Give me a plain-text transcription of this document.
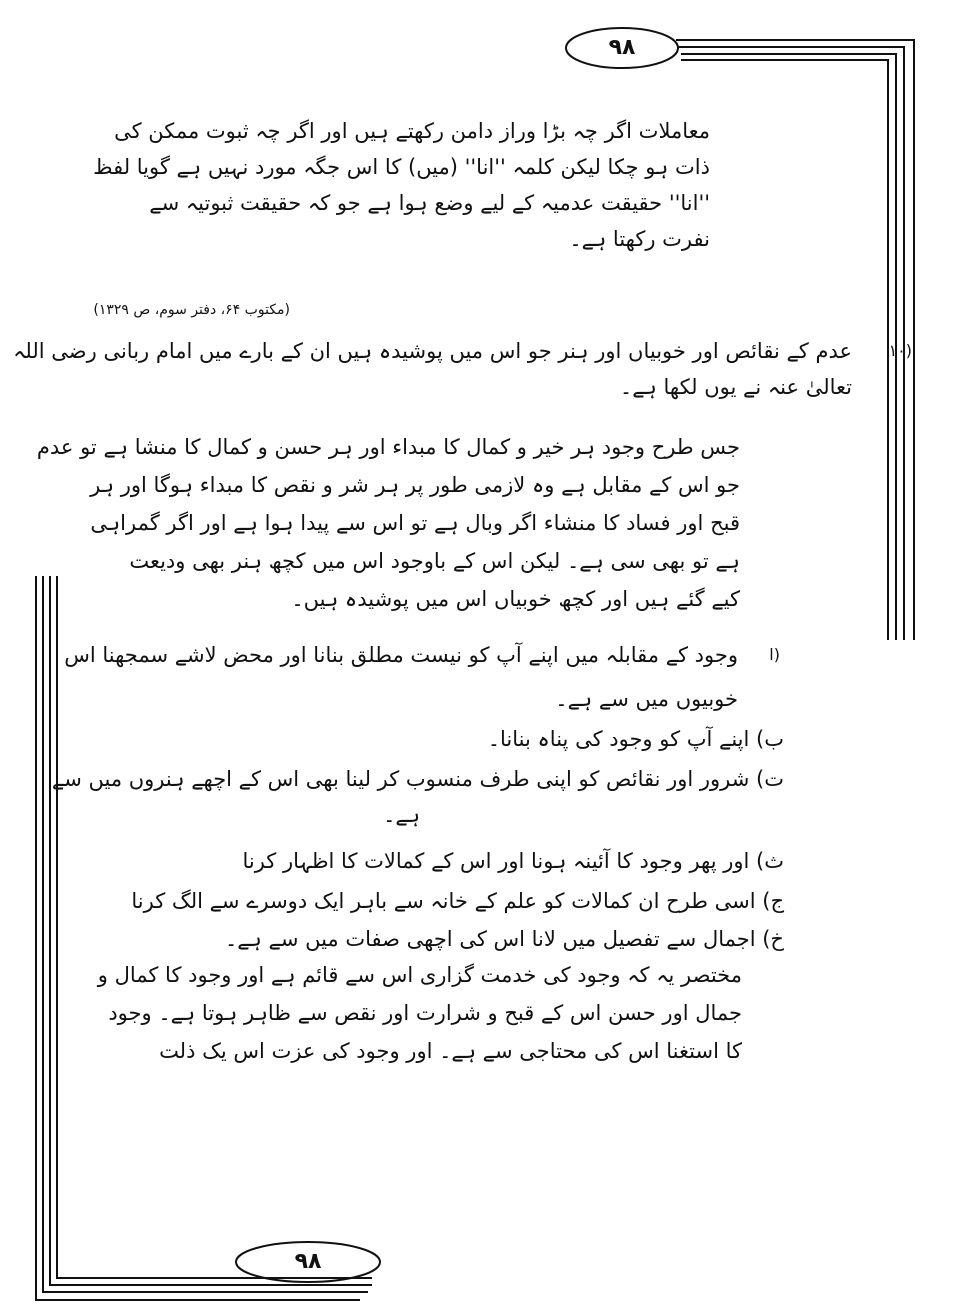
٩٨
معاملات اگر چہ بڑا وراز دامن رکھتے ہیں اور اگر چہ ثبوت ممکن کی
ذات ہو چکا لیکن کلمہ ''انا'' (میں) کا اس جگہ مورد نہیں ہے گویا لفظ
''انا'' حقیقت عدمیہ کے لیے وضع ہوا ہے جو کہ حقیقت ثبوتیہ سے
نفرت رکھتا ہے۔
(مکتوب ۶۴، دفتر سوم، ص ۱۳۲۹)
۱۰)
عدم کے نقائص اور خوبیاں اور ہنر جو اس میں پوشیدہ ہیں ان کے بارے میں امام ربانی رضی اللہ
تعالیٰ عنہ نے یوں لکھا ہے۔
جس طرح وجود ہر خیر و کمال کا مبداء اور ہر حسن و کمال کا منشا ہے تو عدم
جو اس کے مقابل ہے وہ لازمی طور پر ہر شر و نقص کا مبداء ہوگا اور ہر
قبح اور فساد کا منشاء اگر وبال ہے تو اس سے پیدا ہوا ہے اور اگر گمراہی
ہے تو بھی سی ہے۔ لیکن اس کے باوجود اس میں کچھ ہنر بھی ودیعت
کیے گئے ہیں اور کچھ خوبیاں اس میں پوشیدہ ہیں۔
ا)
وجود کے مقابلہ میں اپنے آپ کو نیست مطلق بنانا اور محض لاشے سمجھنا اس
خوبیوں میں سے ہے۔
ب) اپنے آپ کو وجود کی پناہ بنانا۔
ت) شرور اور نقائص کو اپنی طرف منسوب کر لینا بھی اس کے اچھے ہنروں میں سے
ہے۔
ث) اور پھر وجود کا آئینہ ہونا اور اس کے کمالات کا اظہار کرنا
ج) اسی طرح ان کمالات کو علم کے خانہ سے باہر ایک دوسرے سے الگ کرنا
خ) اجمال سے تفصیل میں لانا اس کی اچھی صفات میں سے ہے۔
مختصر یہ کہ وجود کی خدمت گزاری اس سے قائم ہے اور وجود کا کمال و
جمال اور حسن اس کے قبح و شرارت اور نقص سے ظاہر ہوتا ہے۔ وجود
کا استغنا اس کی محتاجی سے ہے۔ اور وجود کی عزت اس یک ذلت
٩٨
